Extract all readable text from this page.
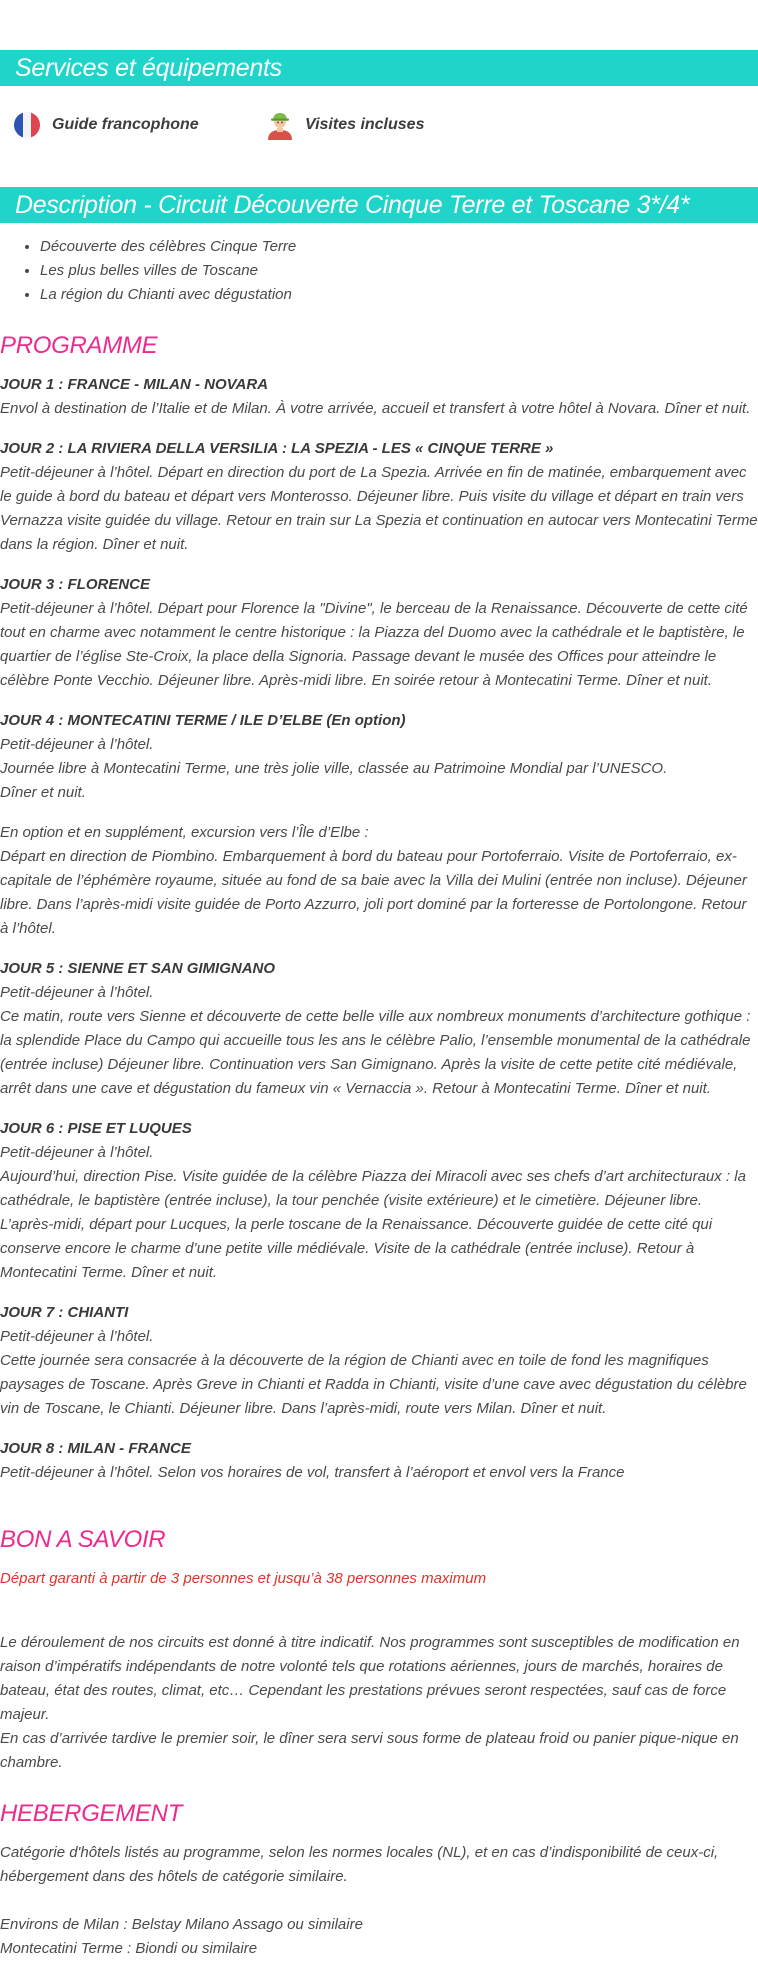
Services et équipements
Guide francophone	Visites incluses
Description - Circuit Découverte Cinque Terre et Toscane 3*/4*
• Découverte des célèbres Cinque Terre
• Les plus belles villes de Toscane
• La région du Chianti avec dégustation
PROGRAMME
JOUR 1 : FRANCE - MILAN - NOVARA
Envol à destination de l’Italie et de Milan. À votre arrivée, accueil et transfert à votre hôtel à Novara. Dîner et nuit.
JOUR 2 : LA RIVIERA DELLA VERSILIA : LA SPEZIA - LES « CINQUE TERRE »
Petit-déjeuner à l’hôtel. Départ en direction du port de La Spezia. Arrivée en fin de matinée, embarquement avec le guide à bord du bateau et départ vers Monterosso. Déjeuner libre. Puis visite du village et départ en train vers Vernazza visite guidée du village. Retour en train sur La Spezia et continuation en autocar vers Montecatini Terme dans la région. Dîner et nuit.
JOUR 3 : FLORENCE
Petit-déjeuner à l’hôtel. Départ pour Florence la "Divine", le berceau de la Renaissance. Découverte de cette cité tout en charme avec notamment le centre historique : la Piazza del Duomo avec la cathédrale et le baptistère, le quartier de l’église Ste-Croix, la place della Signoria. Passage devant le musée des Offices pour atteindre le célèbre Ponte Vecchio. Déjeuner libre. Après-midi libre. En soirée retour à Montecatini Terme. Dîner et nuit.
JOUR 4 : MONTECATINI TERME / ILE D’ELBE (En option)
Petit-déjeuner à l’hôtel.
Journée libre à Montecatini Terme, une très jolie ville, classée au Patrimoine Mondial par l’UNESCO.
Dîner et nuit.
En option et en supplément, excursion vers l’Île d’Elbe :
Départ en direction de Piombino. Embarquement à bord du bateau pour Portoferraio. Visite de Portoferraio, ex-capitale de l’éphémère royaume, située au fond de sa baie avec la Villa dei Mulini (entrée non incluse). Déjeuner libre. Dans l’après-midi visite guidée de Porto Azzurro, joli port dominé par la forteresse de Portolongone. Retour à l’hôtel.
JOUR 5 : SIENNE ET SAN GIMIGNANO
Petit-déjeuner à l’hôtel.
Ce matin, route vers Sienne et découverte de cette belle ville aux nombreux monuments d’architecture gothique : la splendide Place du Campo qui accueille tous les ans le célèbre Palio, l’ensemble monumental de la cathédrale (entrée incluse) Déjeuner libre. Continuation vers San Gimignano. Après la visite de cette petite cité médiévale, arrêt dans une cave et dégustation du fameux vin « Vernaccia ». Retour à Montecatini Terme. Dîner et nuit.
JOUR 6 : PISE ET LUQUES
Petit-déjeuner à l’hôtel.
Aujourd’hui, direction Pise. Visite guidée de la célèbre Piazza dei Miracoli avec ses chefs d’art architecturaux : la cathédrale, le baptistère (entrée incluse), la tour penchée (visite extérieure) et le cimetière. Déjeuner libre. L’après-midi, départ pour Lucques, la perle toscane de la Renaissance. Découverte guidée de cette cité qui conserve encore le charme d’une petite ville médiévale. Visite de la cathédrale (entrée incluse). Retour à Montecatini Terme. Dîner et nuit.
JOUR 7 : CHIANTI
Petit-déjeuner à l’hôtel.
Cette journée sera consacrée à la découverte de la région de Chianti avec en toile de fond les magnifiques paysages de Toscane. Après Greve in Chianti et Radda in Chianti, visite d’une cave avec dégustation du célèbre vin de Toscane, le Chianti. Déjeuner libre. Dans l’après-midi, route vers Milan. Dîner et nuit.
JOUR 8 : MILAN - FRANCE
Petit-déjeuner à l’hôtel. Selon vos horaires de vol, transfert à l’aéroport et envol vers la France
BON A SAVOIR

Départ garanti à partir de 3 personnes et jusqu’à 38 personnes maximum

Le déroulement de nos circuits est donné à titre indicatif. Nos programmes sont susceptibles de modification en raison d’impératifs indépendants de notre volonté tels que rotations aériennes, jours de marchés, horaires de bateau, état des routes, climat, etc… Cependant les prestations prévues seront respectées, sauf cas de force majeur.

En cas d’arrivée tardive le premier soir, le dîner sera servi sous forme de plateau froid ou panier pique-nique en chambre.

HEBERGEMENT

Catégorie d'hôtels listés au programme, selon les normes locales (NL), et en cas d’indisponibilité de ceux-ci, hébergement dans des hôtels de catégorie similaire.

Environs de Milan : Belstay Milano Assago ou similaire
Montecatini Terme : Biondi ou similaire
